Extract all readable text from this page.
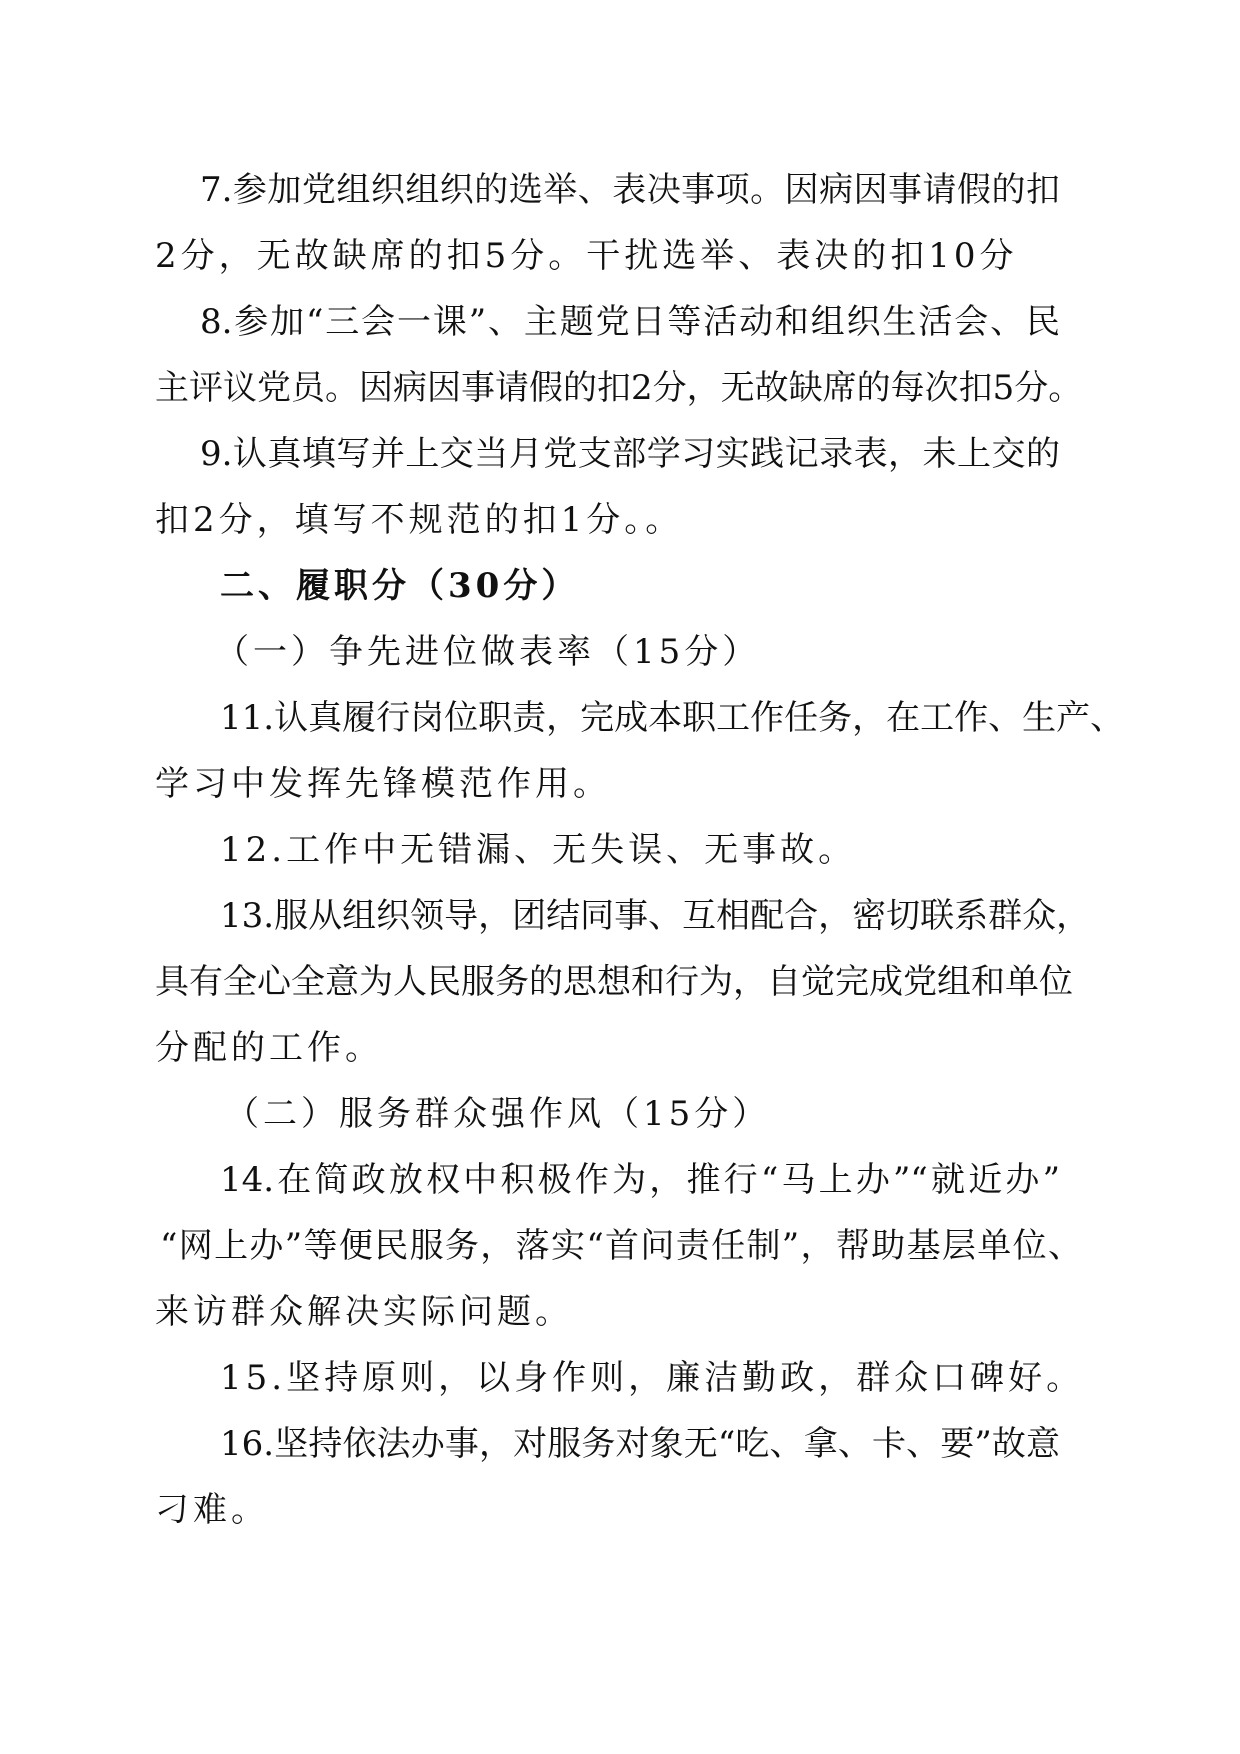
7.参加党组织组织的选举、表决事项。因病因事请假的扣

2分，无故缺席的扣5分。干扰选举、表决的扣10分

8.参加“三会一课”、主题党日等活动和组织生活会、民

主评议党员。因病因事请假的扣2分，无故缺席的每次扣5分。

9.认真填写并上交当月党支部学习实践记录表，未上交的

扣2分，填写不规范的扣1分。。

二、履职分（30分）

（一）争先进位做表率（15分）

11.认真履行岗位职责，完成本职工作任务，在工作、生产、

学习中发挥先锋模范作用。

12.工作中无错漏、无失误、无事故。

13.服从组织领导，团结同事、互相配合，密切联系群众，

具有全心全意为人民服务的思想和行为，自觉完成党组和单位

分配的工作。

（二）服务群众强作风（15分）

14.在简政放权中积极作为，推行“马上办”“就近办”

“网上办”等便民服务，落实“首问责任制”，帮助基层单位、

来访群众解决实际问题。

15.坚持原则，以身作则，廉洁勤政，群众口碑好。

16.坚持依法办事，对服务对象无“吃、拿、卡、要”故意

刁难。
